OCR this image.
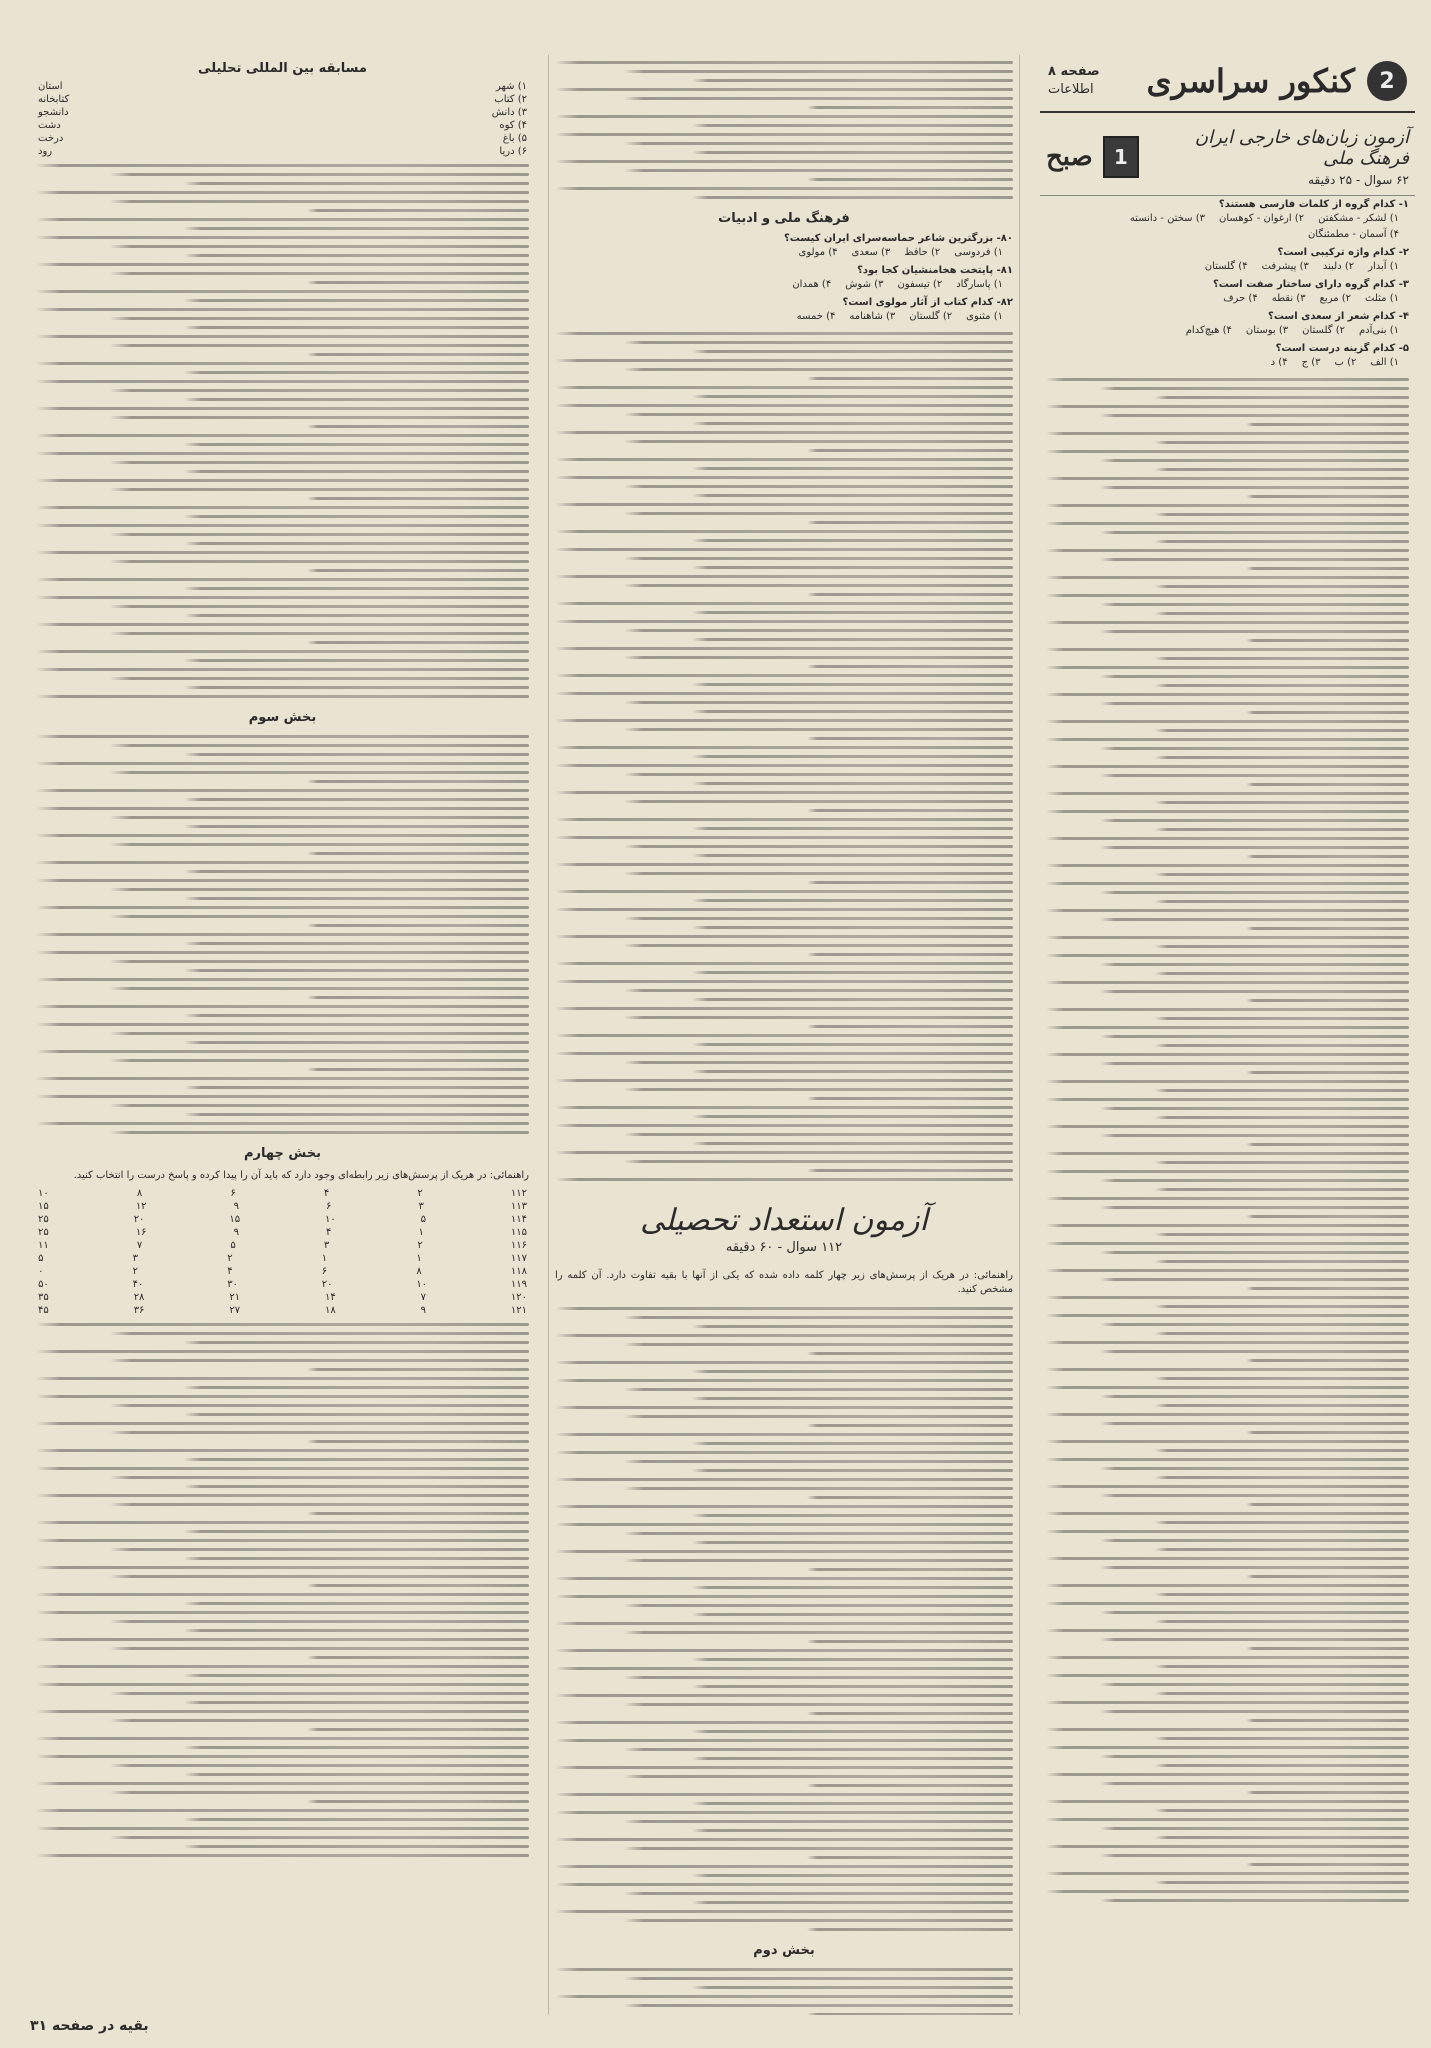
2
کنکور سراسری
صفحه ۸
اطلاعات
آزمون زبان‌های خارجی ایران فرهنگ ملی
۶۲ سوال - ۲۵ دقیقه
1
صبح
۱- کدام گروه از کلمات فارسی هستند؟
۱) لشکر - مشکفتن
۲) ارغوان - کوهسان
۳) سختن - دانسته
۴) آسمان - مطمئنگان
۲- کدام واژه ترکیبی است؟
۱) آبدار
۲) دلبند
۳) پیشرفت
۴) گلستان
۳- کدام گروه دارای ساختار صفت است؟
۱) مثلث
۲) مربع
۳) نقطه
۴) حرف
۴- کدام شعر از سعدی است؟
۱) بنی‌آدم
۲) گلستان
۳) بوستان
۴) هیچ‌کدام
۵- کدام گزینه درست است؟
۱) الف
۲) ب
۳) ج
۴) د
فرهنگ ملی و ادبیات
۸۰- بزرگترین شاعر حماسه‌سرای ایران کیست؟
۱) فردوسی
۲) حافظ
۳) سعدی
۴) مولوی
۸۱- پایتخت هخامنشیان کجا بود؟
۱) پاسارگاد
۲) تیسفون
۳) شوش
۴) همدان
۸۲- کدام کتاب از آثار مولوی است؟
۱) مثنوی
۲) گلستان
۳) شاهنامه
۴) خمسه
آزمون استعداد تحصیلی
۱۱۲ سوال - ۶۰ دقیقه
راهنمائی: در هریک از پرسش‌های زیر چهار کلمه داده شده که یکی از آنها با بقیه تفاوت دارد. آن کلمه را مشخص کنید.
بخش دوم
مسابقه بین المللی تحلیلی
۱) شهر
استان
۲) کتاب
کتابخانه
۳) دانش
دانشجو
۴) کوه
دشت
۵) باغ
درخت
۶) دریا
رود
بخش سوم
بخش چهارم
راهنمائی: در هریک از پرسش‌های زیر رابطه‌ای وجود دارد که باید آن را پیدا کرده و پاسخ درست را انتخاب کنید.
۱۱۲
۲
۴
۶
۸
۱۰
۱۱۳
۳
۶
۹
۱۲
۱۵
۱۱۴
۵
۱۰
۱۵
۲۰
۲۵
۱۱۵
۱
۴
۹
۱۶
۲۵
۱۱۶
۲
۳
۵
۷
۱۱
۱۱۷
۱
۱
۲
۳
۵
۱۱۸
۸
۶
۴
۲
۰
۱۱۹
۱۰
۲۰
۳۰
۴۰
۵۰
۱۲۰
۷
۱۴
۲۱
۲۸
۳۵
۱۲۱
۹
۱۸
۲۷
۳۶
۴۵
بقیه در صفحه ۳۱
